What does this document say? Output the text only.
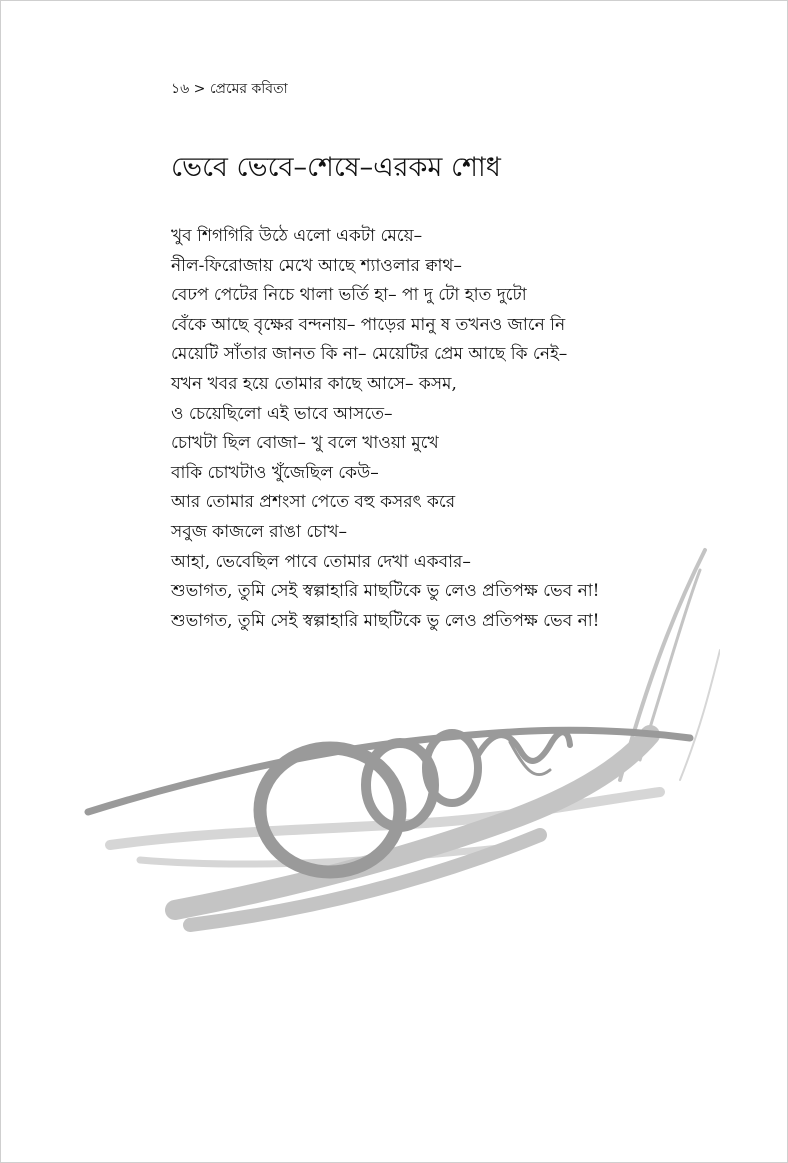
১৬ > প্রেমের কবিতা
ভেবে ভেবে–শেষে–এরকম শোধ
খুব শিগগিরি উঠে এলো একটা মেয়ে–
নীল-ফিরোজায় মেখে আছে শ্যাওলার ক্বাথ–
বেঢপ পেটের নিচে থালা ভর্তি হা– পা দু টো হাত দুটো
বেঁকে আছে বৃক্ষের বন্দনায়– পাড়ের মানু ষ তখনও জানে নি
মেয়েটি সাঁতার জানত কি না– মেয়েটির প্রেম আছে কি নেই–
যখন খবর হয়ে তোমার কাছে আসে– কসম,
ও চেয়েছিলো এই ভাবে আসতে–
চোখটা ছিল বোজা– খু বলে খাওয়া মুখে
বাকি চোখটাও খুঁজেছিল কেউ–
আর তোমার প্রশংসা পেতে বহু কসরৎ করে
সবুজ কাজলে রাঙা চোখ–
আহা, ভেবেছিল পাবে তোমার দেখা একবার–
শুভাগত, তুমি সেই স্বল্পাহারি মাছটিকে ভু লেও প্রতিপক্ষ ভেব না!
শুভাগত, তুমি সেই স্বল্পাহারি মাছটিকে ভু লেও প্রতিপক্ষ ভেব না!
